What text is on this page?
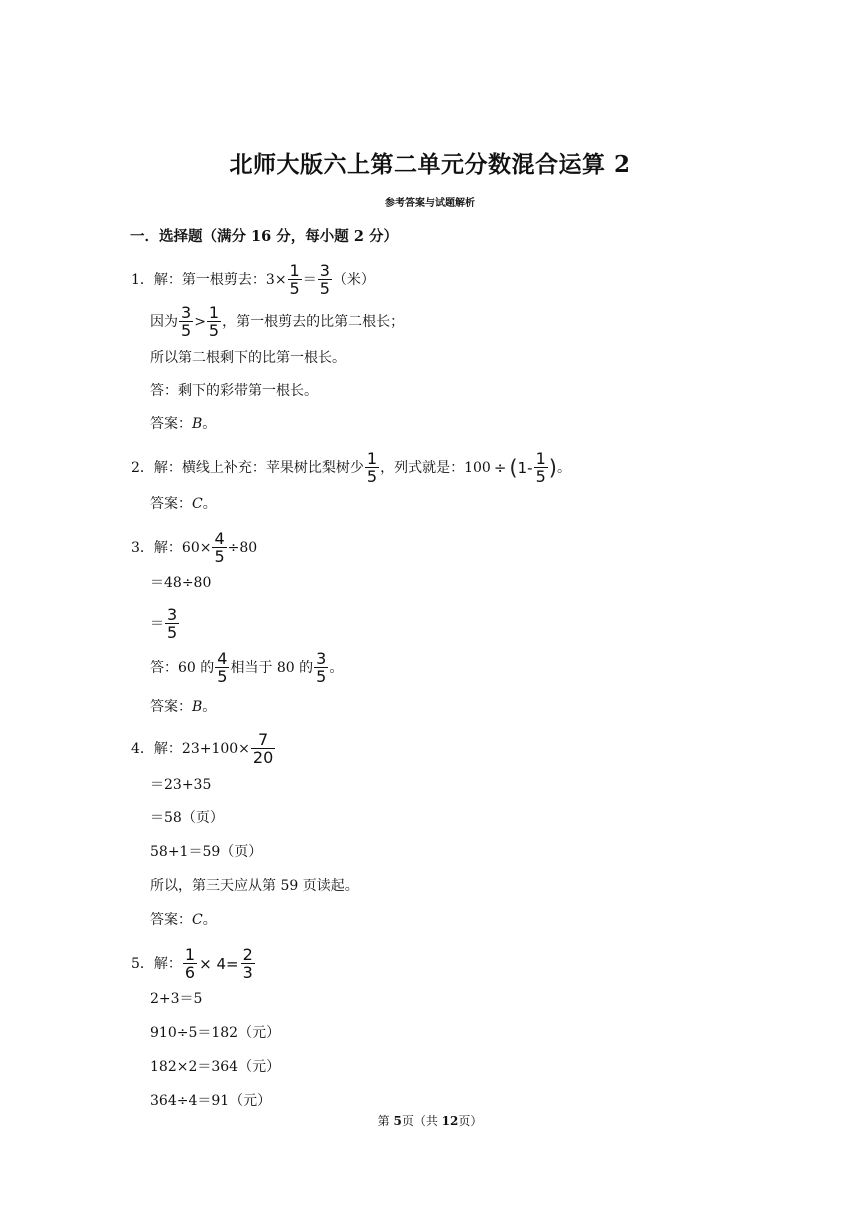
北师大版六上第二单元分数混合运算 2
参考答案与试题解析
一．选择题（满分 16 分，每小题 2 分）
1．解：第一根剪去：$3\times \frac{1}{5} = \frac{3}{5}$ （米）
因为 $\frac{3}{5} > \frac{1}{5}$ ，第一根剪去的比第二根长；
所以第二根剩下的比第一根长。
答：剩下的彩带第一根长。
答案： B 。
2．解：横线上补充：苹果树比梨树少 $\frac{1}{5}$ ，列式就是：100 ÷ ( $1- \frac{1}{5}$ ) 。
答案： C 。
3．解：$60\times \frac{4}{5} \div 80$
＝48÷80
＝ $\frac{3}{5}$
答：60 的 $\frac{4}{5}$ 相当于 80 的 $\frac{3}{5}$ 。
答案： B 。
4．解：$23+100\times \frac{7}{20}$
＝23+35
＝58（页）
58+1＝59（页）
所以，第三天应从第 59 页读起。
答案： C 。
5．解： $\frac{1}{6} \times 4= \frac{2}{3}$
2+3＝5
910÷5＝182（元）
182×2＝364（元）
364÷4＝91（元）
第 5页（共 12页）
